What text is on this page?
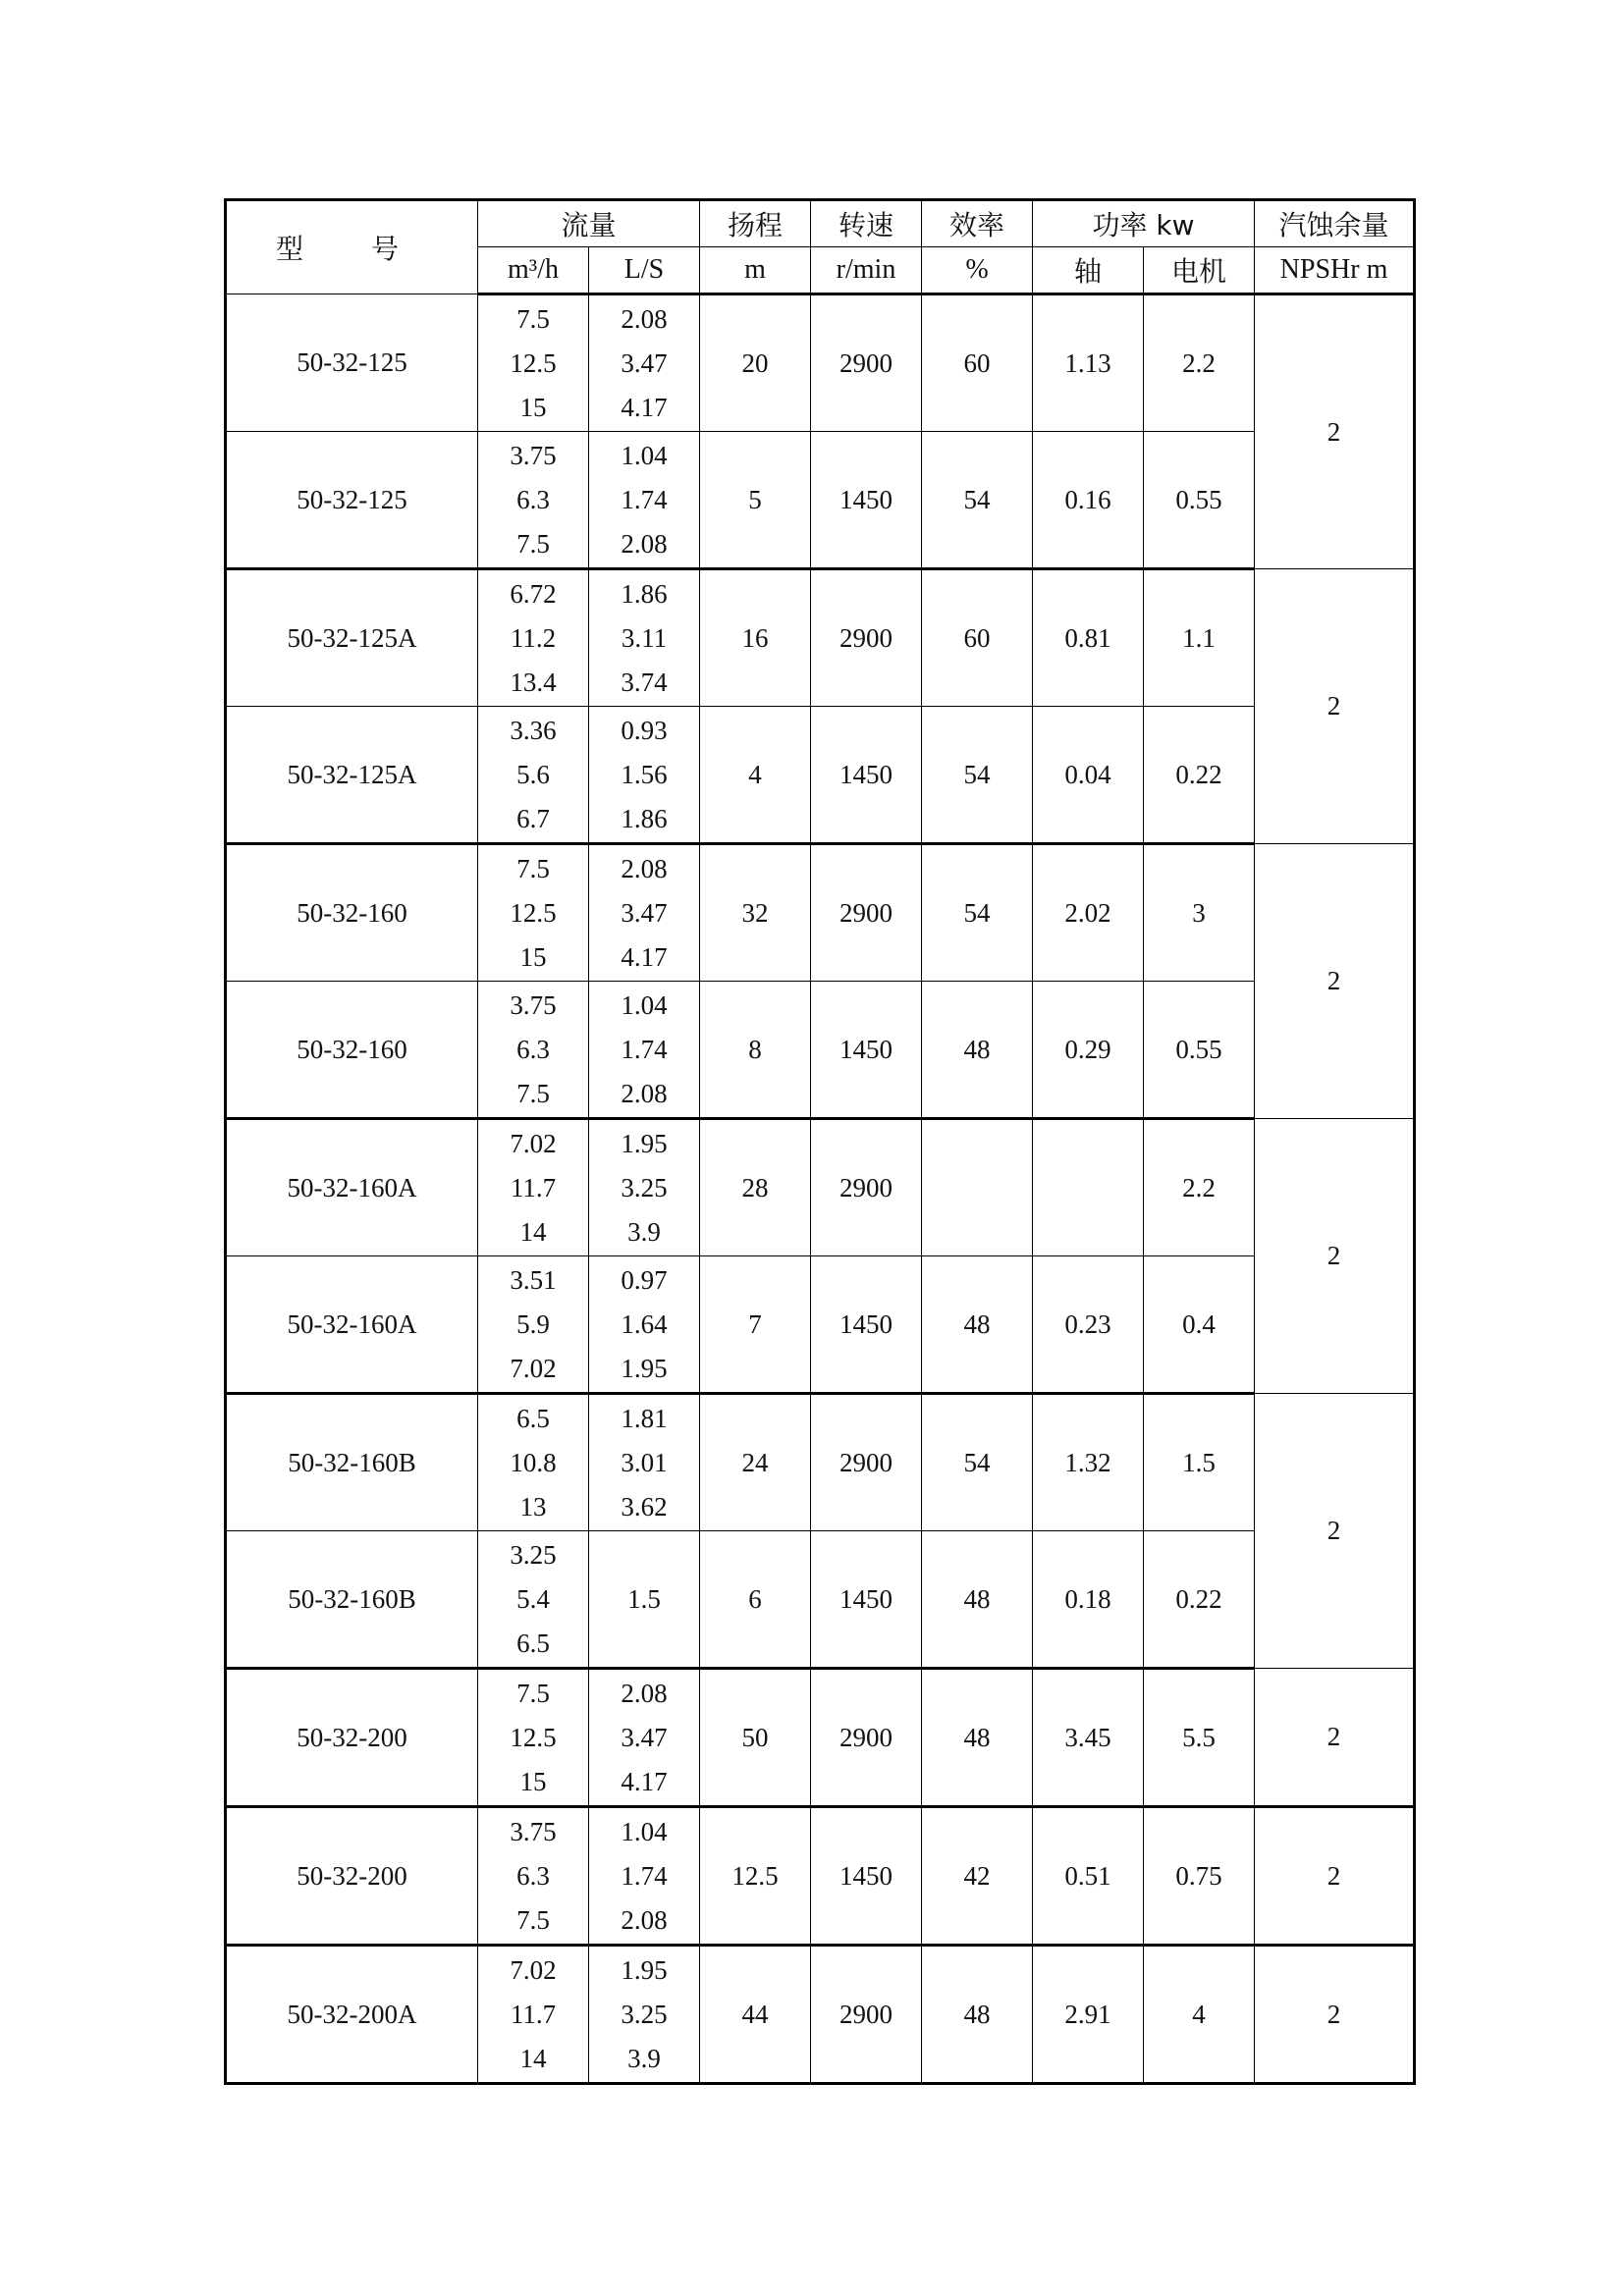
型 号	流量		扬程	转速	效率	功率 kw		汽蚀余量
	m³/h	L/S	m	r/min	%	轴	电机	NPSHr m
50-32-125	7.5
12.5
15	2.08
3.47
4.17	20	2900	60	1.13	2.2	2
50-32-125	3.75
6.3
7.5	1.04
1.74
2.08	5	1450	54	0.16	0.55	
50-32-125A	6.72
11.2
13.4	1.86
3.11
3.74	16	2900	60	0.81	1.1	2
50-32-125A	3.36
5.6
6.7	0.93
1.56
1.86	4	1450	54	0.04	0.22	
50-32-160	7.5
12.5
15	2.08
3.47
4.17	32	2900	54	2.02	3	2
50-32-160	3.75
6.3
7.5	1.04
1.74
2.08	8	1450	48	0.29	0.55	
50-32-160A	7.02
11.7
14	1.95
3.25
3.9	28	2900			2.2	2
50-32-160A	3.51
5.9
7.02	0.97
1.64
1.95	7	1450	48	0.23	0.4	
50-32-160B	6.5
10.8
13	1.81
3.01
3.62	24	2900	54	1.32	1.5	2
50-32-160B	3.25
5.4
6.5	1.5	6	1450	48	0.18	0.22	
50-32-200	7.5
12.5
15	2.08
3.47
4.17	50	2900	48	3.45	5.5	2
50-32-200	3.75
6.3
7.5	1.04
1.74
2.08	12.5	1450	42	0.51	0.75	2
50-32-200A	7.02
11.7
14	1.95
3.25
3.9	44	2900	48	2.91	4	2
